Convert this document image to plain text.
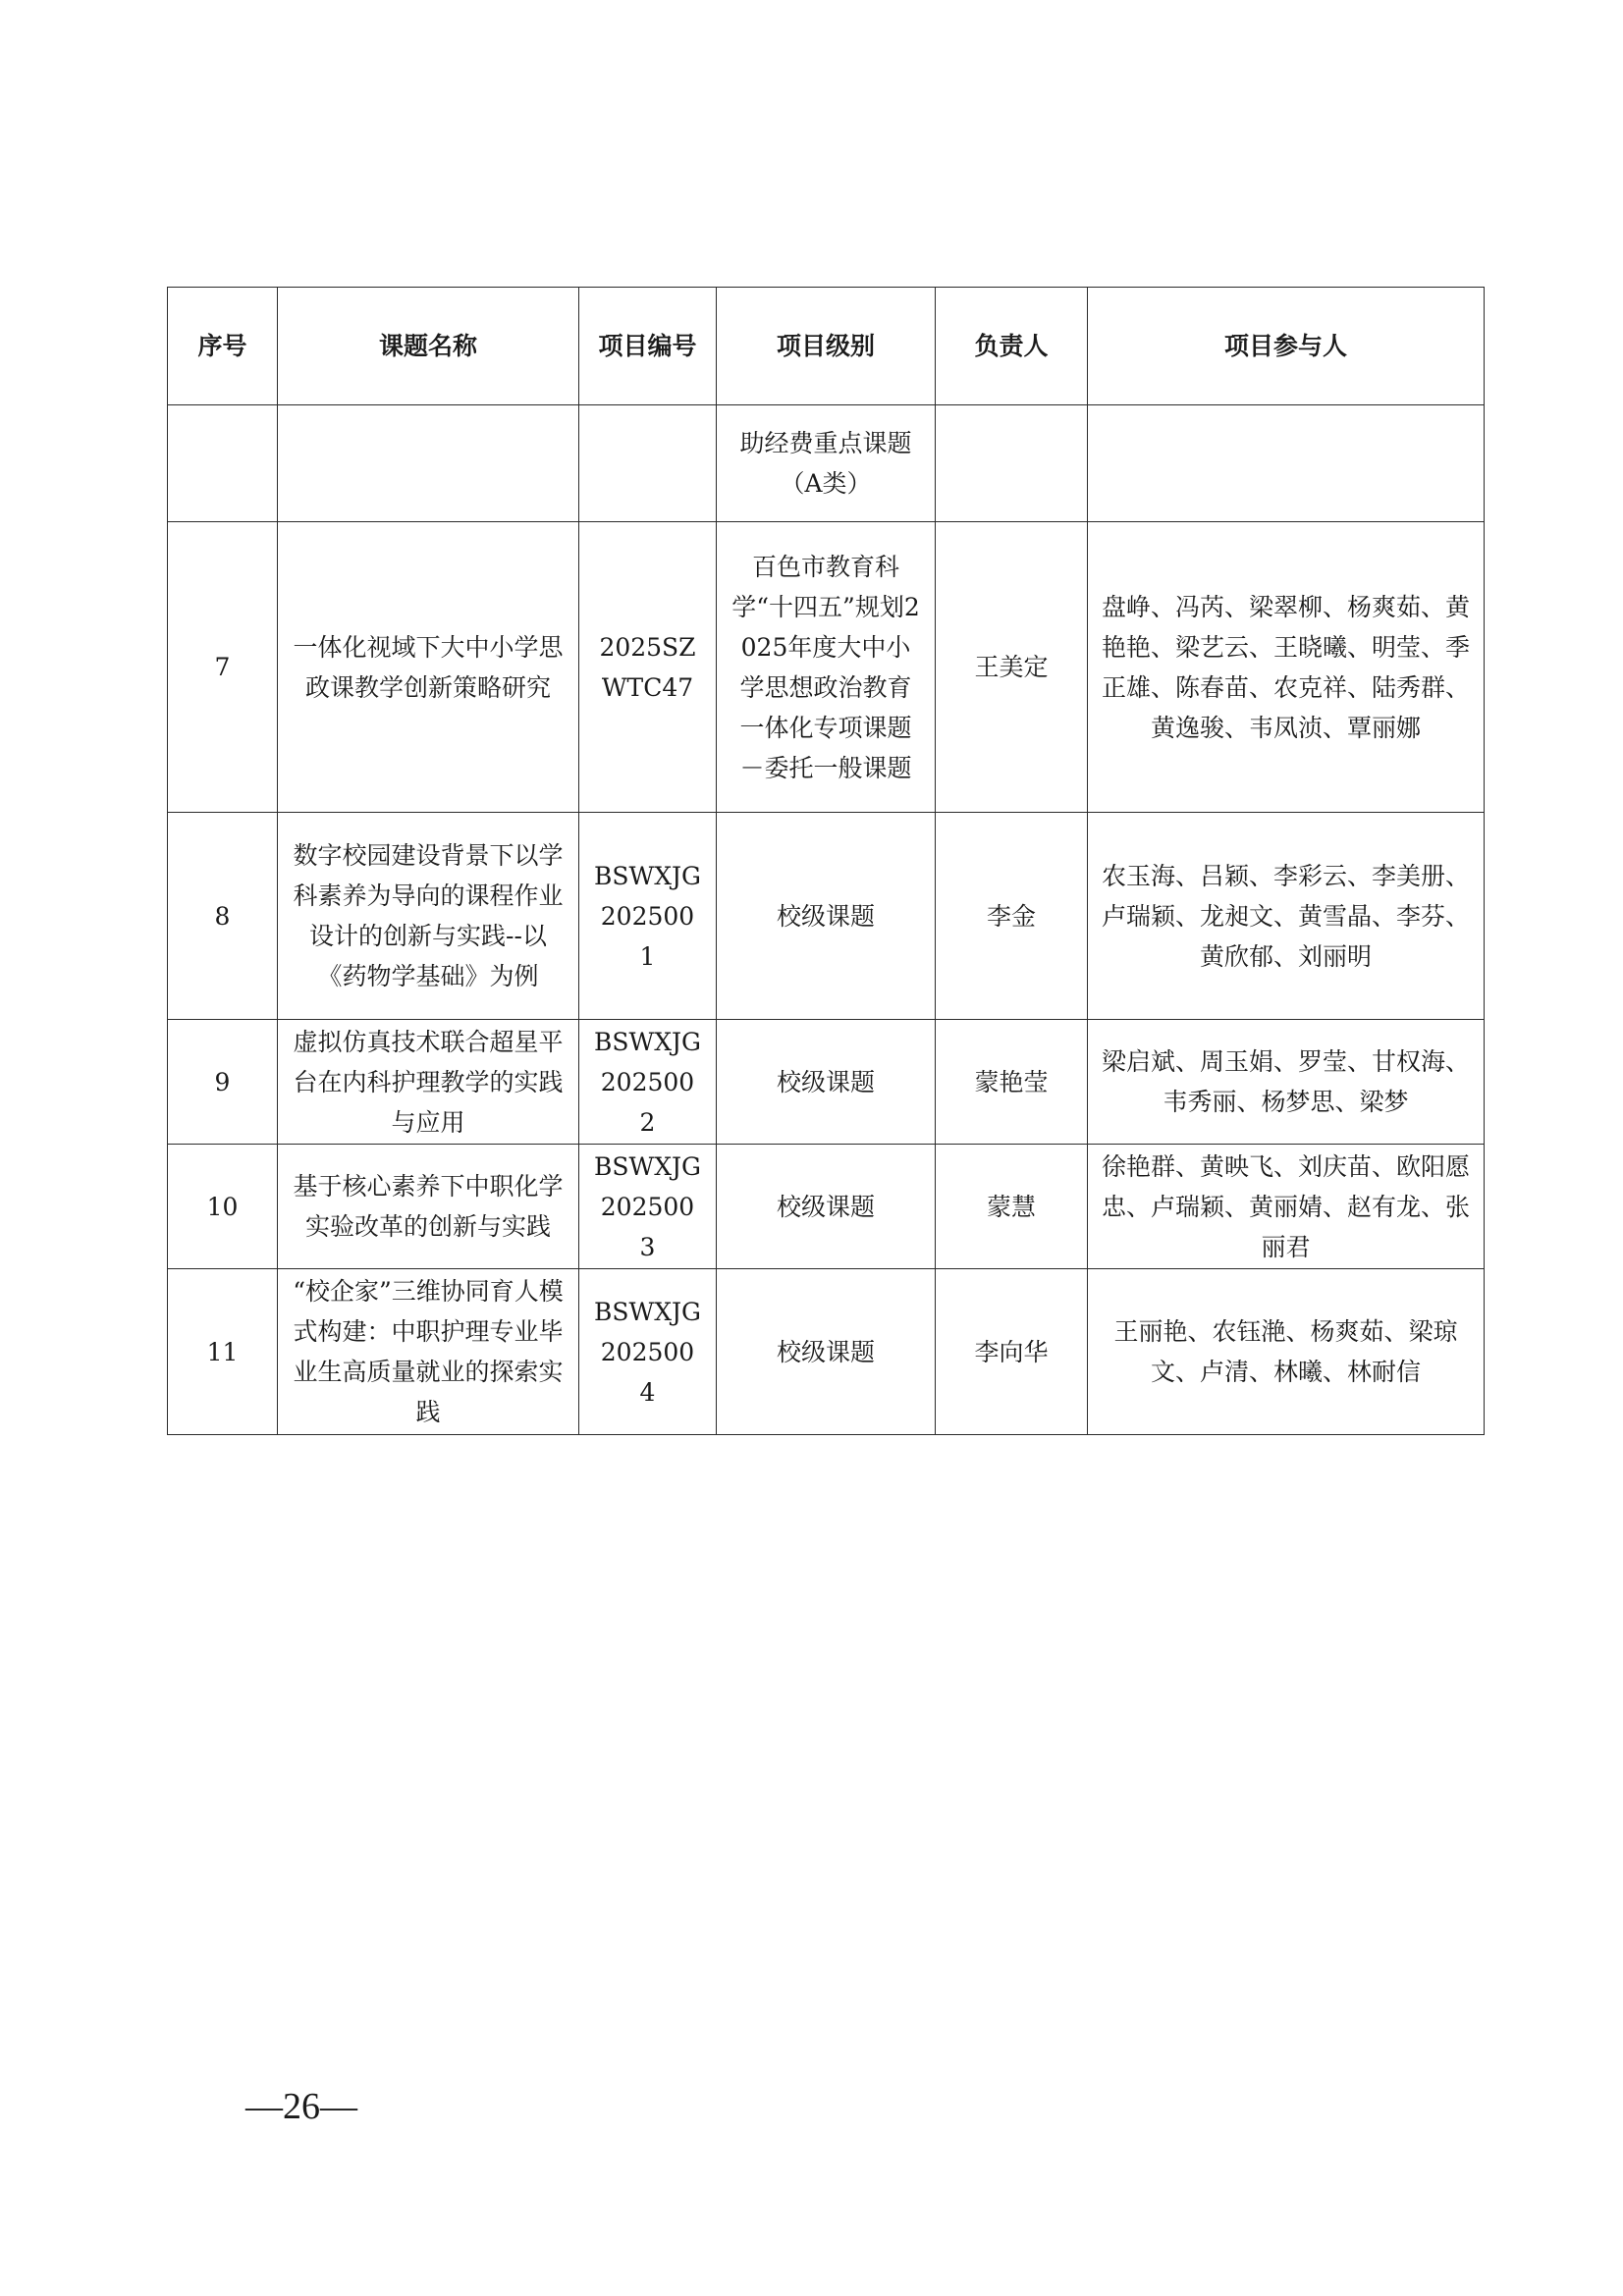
序号	课题名称	项目编号	项目级别	负责人	项目参与人
			助经费重点课题（A类）		
7	一体化视域下大中小学思政课教学创新策略研究	2025SZWTC47	百色市教育科学“十四五”规划2025年度大中小学思想政治教育一体化专项课题－委托一般课题	王美定	盘峥、冯芮、梁翠柳、杨爽茹、黄艳艳、梁艺云、王晓曦、明莹、季正雄、陈春苗、农克祥、陆秀群、黄逸骏、韦凤浈、覃丽娜
8	数字校园建设背景下以学科素养为导向的课程作业设计的创新与实践--以《药物学基础》为例	BSWXJG2025001	校级课题	李金	农玉海、吕颖、李彩云、李美册、卢瑞颖、龙昶文、黄雪晶、李芬、黄欣郁、刘丽明
9	虚拟仿真技术联合超星平台在内科护理教学的实践与应用	BSWXJG2025002	校级课题	蒙艳莹	梁启斌、周玉娟、罗莹、甘权海、韦秀丽、杨梦思、梁梦
10	基于核心素养下中职化学实验改革的创新与实践	BSWXJG2025003	校级课题	蒙慧	徐艳群、黄映飞、刘庆苗、欧阳愿忠、卢瑞颖、黄丽婧、赵有龙、张丽君
11	“校企家”三维协同育人模式构建：中职护理专业毕业生高质量就业的探索实践	BSWXJG2025004	校级课题	李向华	王丽艳、农钰滟、杨爽茹、梁琼文、卢清、林曦、林耐信
—26—
